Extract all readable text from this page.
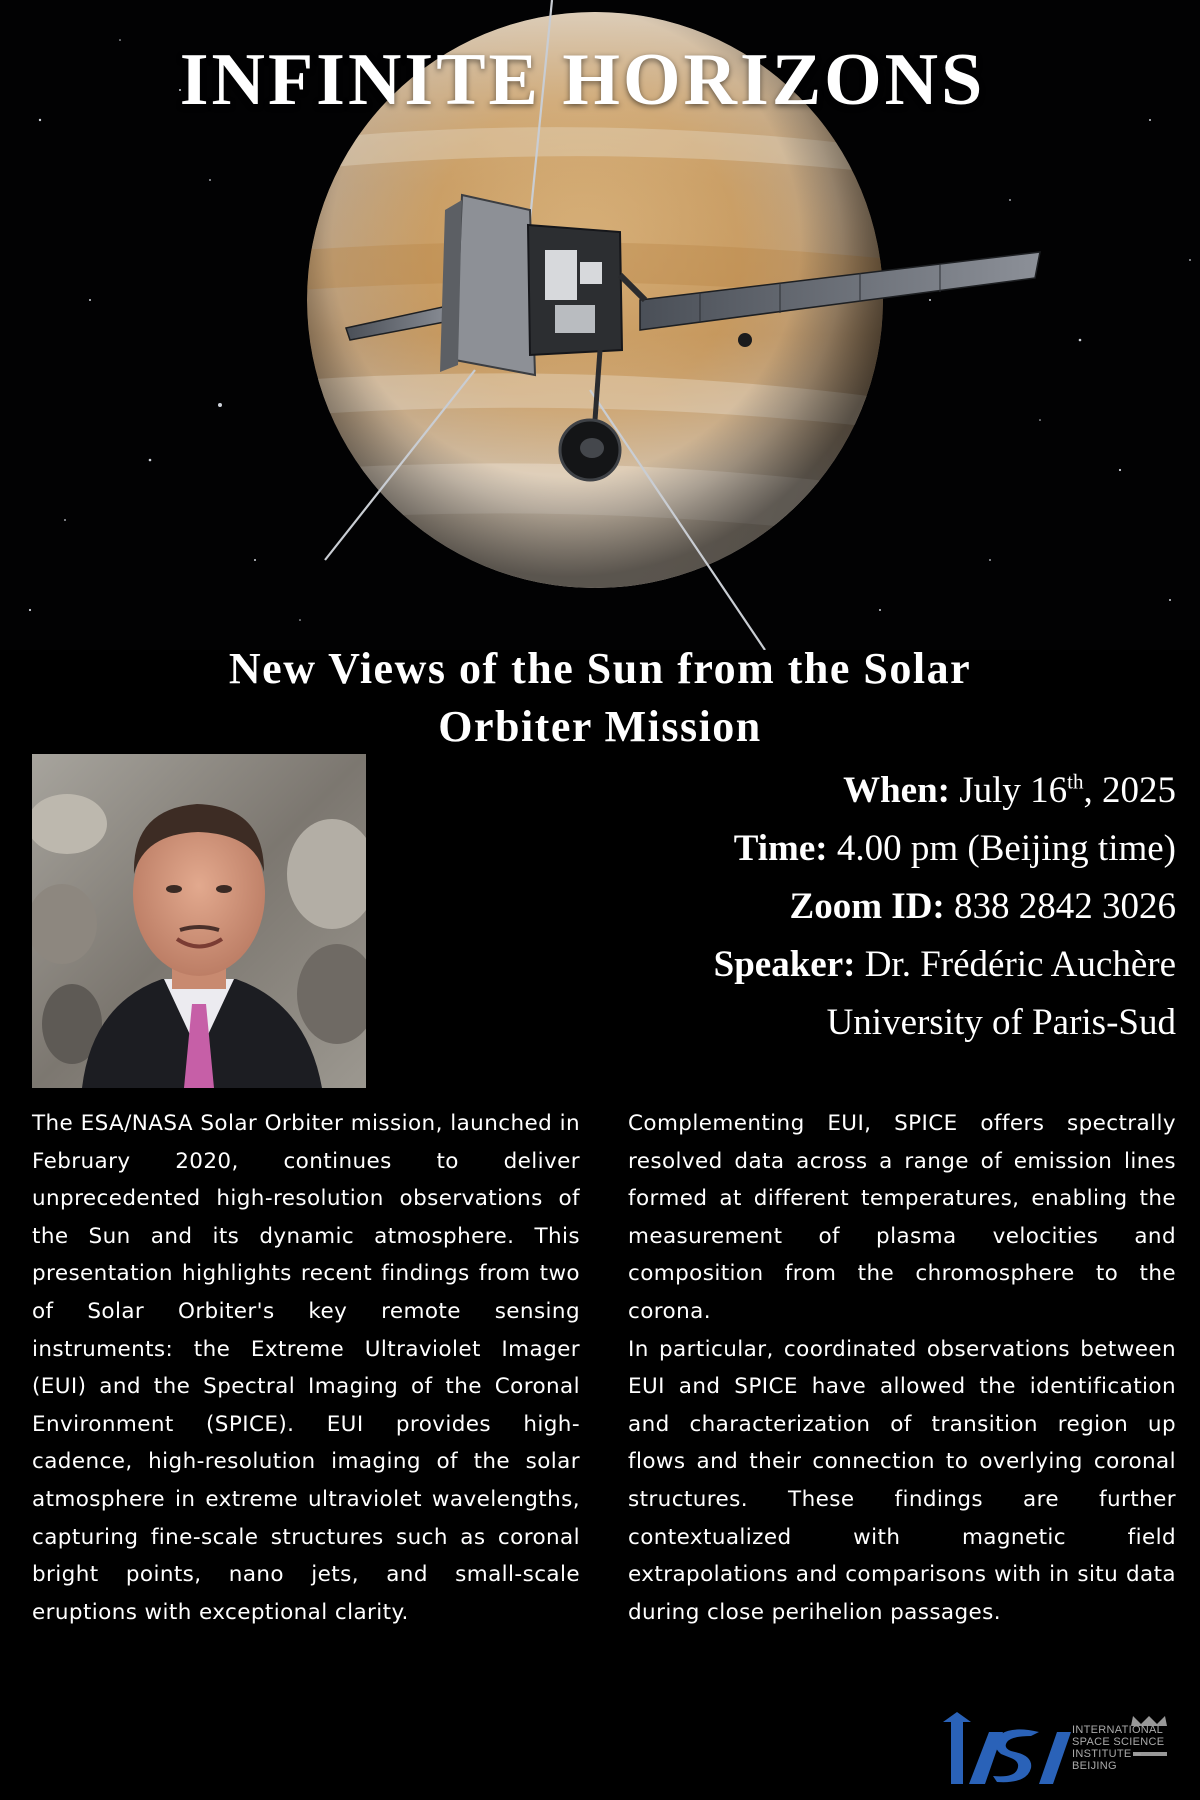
INFINITE HORIZONS
New Views of the Sun from the Solar
Orbiter Mission
When: July 16th, 2025
Time: 4.00 pm (Beijing time)
Zoom ID: 838 2842 3026
Speaker: Dr. Frédéric Auchère
University of Paris-Sud

The ESA/NASA Solar Orbiter mission, launched in February 2020, continues to deliver unprecedented high-resolution observations of the Sun and its dynamic atmosphere. This presentation highlights recent findings from two of Solar Orbiter's key remote sensing instruments: the Extreme Ultraviolet Imager (EUI) and the Spectral Imaging of the Coronal Environment (SPICE). EUI provides high-cadence, high-resolution imaging of the solar atmosphere in extreme ultraviolet wavelengths, capturing fine-scale structures such as coronal bright points, nano jets, and small-scale eruptions with exceptional clarity.

Complementing EUI, SPICE offers spectrally resolved data across a range of emission lines formed at different temperatures, enabling the measurement of plasma velocities and composition from the chromosphere to the corona.

In particular, coordinated observations between EUI and SPICE have allowed the identification and characterization of transition region up flows and their connection to overlying coronal structures. These findings are further contextualized with magnetic field extrapolations and comparisons with in situ data during close perihelion passages.

INTERNATIONAL
SPACE SCIENCE
INSTITUTE –
BEIJING
